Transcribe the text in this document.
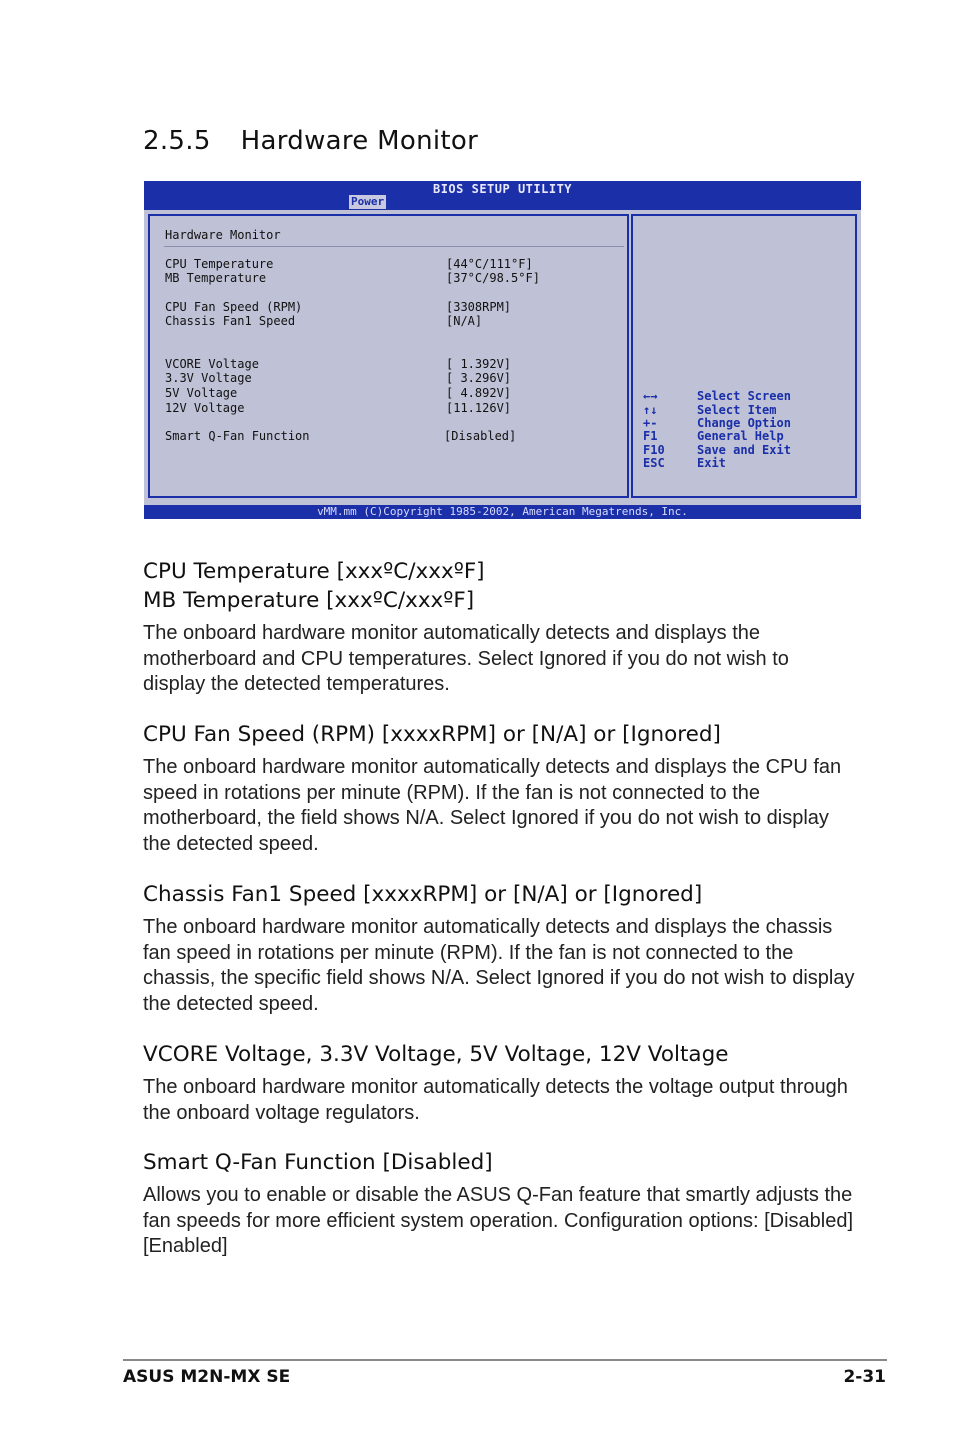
2.5.5 Hardware Monitor
BIOS SETUP UTILITY
Power
Hardware Monitor
CPU Temperature	[44°C/111°F]
MB Temperature	[37°C/98.5°F]
CPU Fan Speed (RPM)	[3308RPM]
Chassis Fan1 Speed	[N/A]
VCORE Voltage	[ 1.392V]
3.3V Voltage	[ 3.296V]
5V Voltage	[ 4.892V]
12V Voltage	[11.126V]
Smart Q-Fan Function	[Disabled]
←→	Select Screen
↑↓	Select Item
+-	Change Option
F1	General Help
F10	Save and Exit
ESC	Exit
vMM.mm (C)Copyright 1985-2002, American Megatrends, Inc.
CPU Temperature [xxxºC/xxxºF]
MB Temperature [xxxºC/xxxºF]

The onboard hardware monitor automatically detects and displays the motherboard and CPU temperatures. Select Ignored if you do not wish to display the detected temperatures.

CPU Fan Speed (RPM) [xxxxRPM] or [N/A] or [Ignored]

The onboard hardware monitor automatically detects and displays the CPU fan speed in rotations per minute (RPM). If the fan is not connected to the motherboard, the field shows N/A. Select Ignored if you do not wish to display the detected speed.

Chassis Fan1 Speed [xxxxRPM] or [N/A] or [Ignored]

The onboard hardware monitor automatically detects and displays the chassis fan speed in rotations per minute (RPM). If the fan is not connected to the chassis, the specific field shows N/A. Select Ignored if you do not wish to display the detected speed.

VCORE Voltage, 3.3V Voltage, 5V Voltage, 12V Voltage

The onboard hardware monitor automatically detects the voltage output through the onboard voltage regulators.

Smart Q-Fan Function [Disabled]

Allows you to enable or disable the ASUS Q-Fan feature that smartly adjusts the fan speeds for more efficient system operation. Configuration options: [Disabled] [Enabled]

ASUS M2N-MX SE	2-31
